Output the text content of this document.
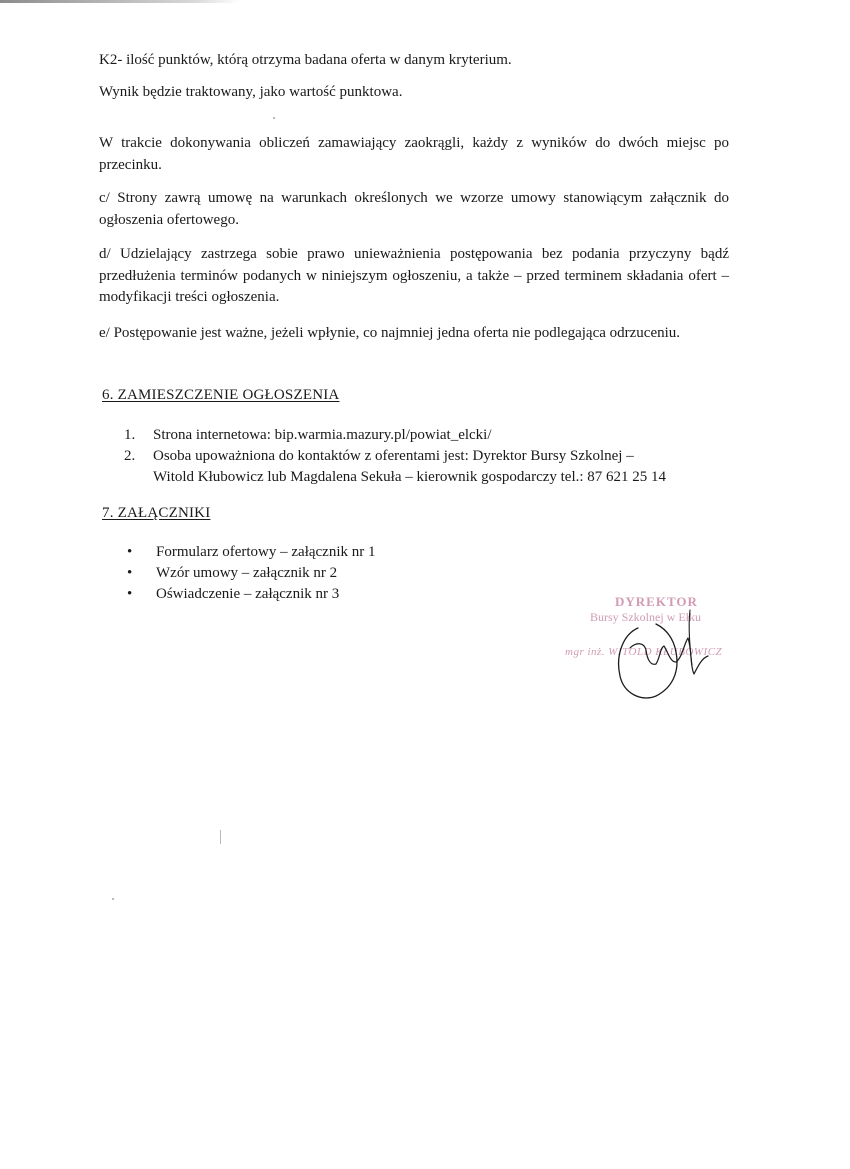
K2- ilość punktów, którą otrzyma badana oferta w danym kryterium.

Wynik będzie traktowany, jako wartość punktowa.

W trakcie dokonywania obliczeń zamawiający zaokrągli, każdy z wyników do dwóch miejsc po przecinku.

c/ Strony zawrą umowę na warunkach określonych we wzorze umowy stanowiącym załącznik do ogłoszenia ofertowego.

d/ Udzielający zastrzega sobie prawo unieważnienia postępowania bez podania przyczyny bądź przedłużenia terminów podanych w niniejszym ogłoszeniu, a także – przed terminem składania ofert – modyfikacji treści ogłoszenia.

e/ Postępowanie jest ważne, jeżeli wpłynie, co najmniej jedna oferta nie podlegająca odrzuceniu.

6. ZAMIESZCZENIE OGŁOSZENIA
1. Strona internetowa: bip.warmia.mazury.pl/powiat_elcki/
2. Osoba upoważniona do kontaktów z oferentami jest: Dyrektor Bursy Szkolnej –
Witold Kłubowicz lub Magdalena Sekuła – kierownik gospodarczy tel.: 87 621 25 14
7. ZAŁĄCZNIKI
• Formularz ofertowy – załącznik nr 1
• Wzór umowy – załącznik nr 2
• Oświadczenie – załącznik nr 3	DYREKTOR
Bursy Szkolnej w Ełku
mgr inż. WITOLD KŁUBOWICZ
